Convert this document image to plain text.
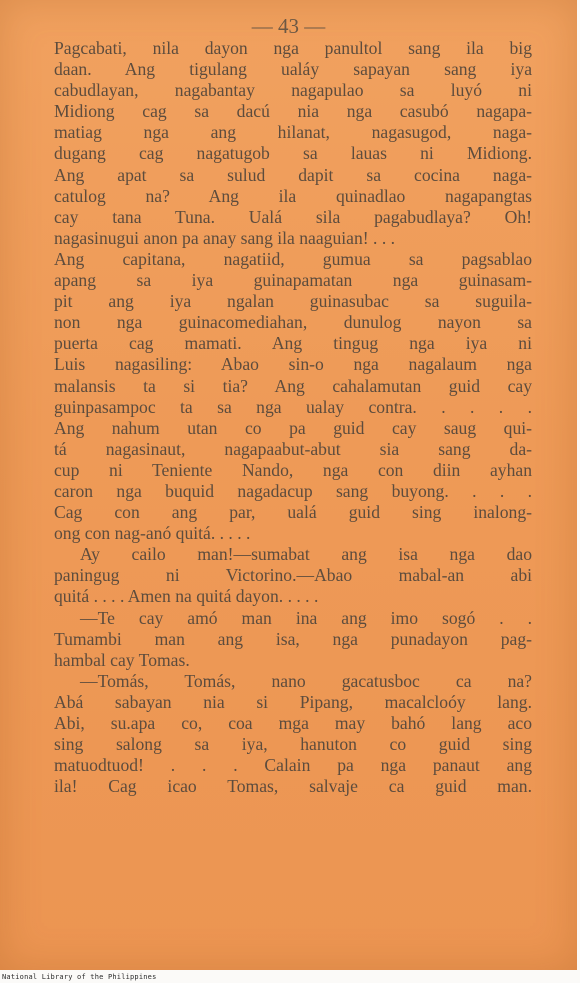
— 43 —
Pagcabati, nila dayon nga panultol sang ila big
daan. Ang tigulang ualáy sapayan sang iya
cabudlayan, nagabantay nagapulao sa luyó ni
Midiong cag sa dacú nia nga casubó nagapa-
matiag nga ang hilanat, nagasugod, naga-
dugang cag nagatugob sa lauas ni Midiong.
Ang apat sa sulud dapit sa cocina naga-
catulog na? Ang ila quinadlao nagapangtas
cay tana Tuna. Ualá sila pagabudlaya? Oh!
nagasinugui anon pa anay sang ila naaguian! . . .
Ang capitana, nagatiid, gumua sa pagsablao
apang sa iya guinapamatan nga guinasam-
pit ang iya ngalan guinasubac sa suguila-
non nga guinacomediahan, dunulog nayon sa
puerta cag mamati. Ang tingug nga iya ni
Luis nagasiling: Abao sin-o nga nagalaum nga
malansis ta si tia? Ang cahalamutan guid cay
guinpasampoc ta sa nga ualay contra. . . . .
Ang nahum utan co pa guid cay saug qui-
tá nagasinaut, nagapaabut-abut sia sang da-
cup ni Teniente Nando, nga con diin ayhan
caron nga buquid nagadacup sang buyong. . . .
Cag con ang par, ualá guid sing inalong-
ong con nag-anó quitá. . . . .
Ay cailo man!—sumabat ang isa nga dao
paningug ni Victorino.—Abao mabal-an abi
quitá . . . . Amen na quitá dayon. . . . .
—Te cay amó man ina ang imo sogó . .
Tumambi man ang isa, nga punadayon pag-
hambal cay Tomas.
—Tomás, Tomás, nano gacatusboc ca na?
Abá sabayan nia si Pipang, macalcloóy lang.
Abi, su.apa co, coa mga may bahó lang aco
sing salong sa iya, hanuton co guid sing
matuodtuod! . . . Calain pa nga panaut ang
ila! Cag icao Tomas, salvaje ca guid man.
National Library of the Philippines
